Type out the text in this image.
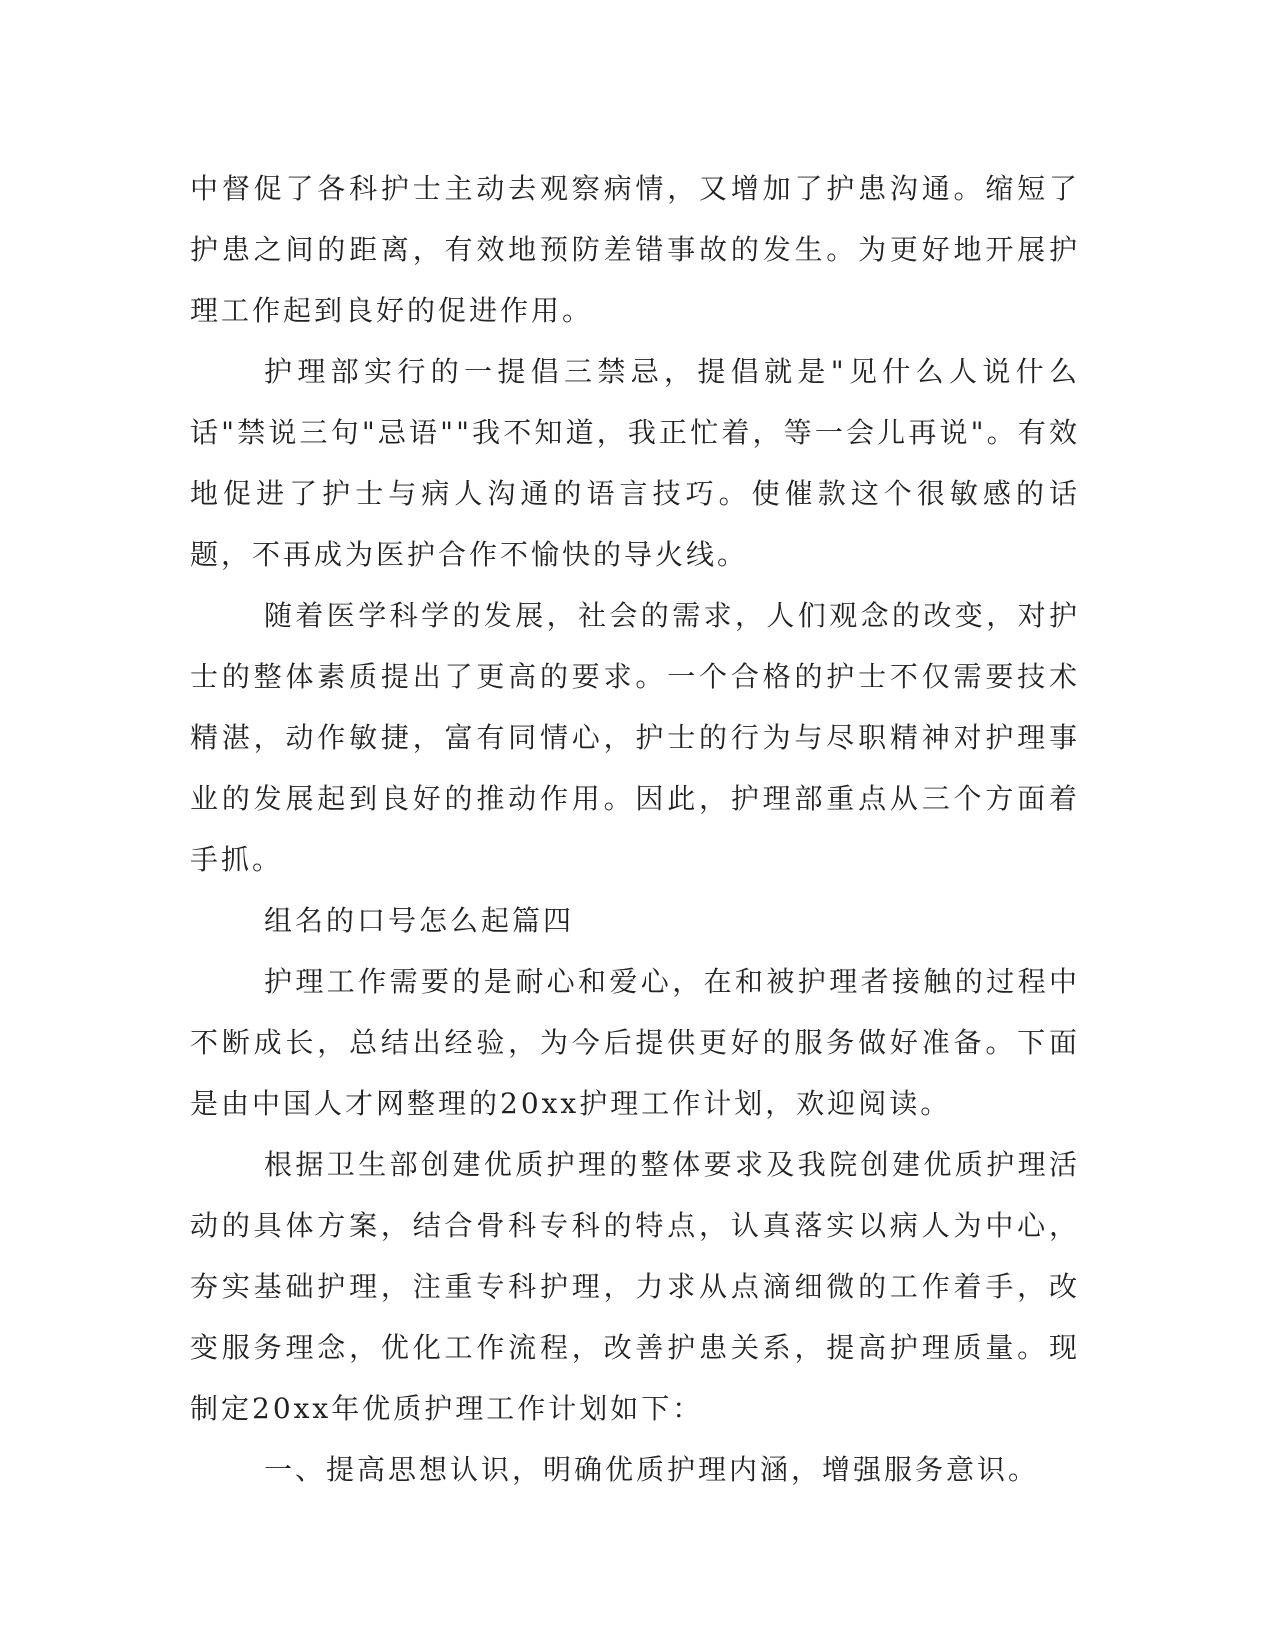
中督促了各科护士主动去观察病情，又增加了护患沟通。缩短了护患之间的距离，有效地预防差错事故的发生。为更好地开展护理工作起到良好的促进作用。

护理部实行的一提倡三禁忌，提倡就是"见什么人说什么话"禁说三句"忌语""我不知道，我正忙着，等一会儿再说"。有效地促进了护士与病人沟通的语言技巧。使催款这个很敏感的话题，不再成为医护合作不愉快的导火线。

随着医学科学的发展，社会的需求，人们观念的改变，对护士的整体素质提出了更高的要求。一个合格的护士不仅需要技术精湛，动作敏捷，富有同情心，护士的行为与尽职精神对护理事业的发展起到良好的推动作用。因此，护理部重点从三个方面着手抓。

组名的口号怎么起篇四

护理工作需要的是耐心和爱心，在和被护理者接触的过程中不断成长，总结出经验，为今后提供更好的服务做好准备。下面是由中国人才网整理的20xx护理工作计划，欢迎阅读。

根据卫生部创建优质护理的整体要求及我院创建优质护理活动的具体方案，结合骨科专科的特点，认真落实以病人为中心，夯实基础护理，注重专科护理，力求从点滴细微的工作着手，改变服务理念，优化工作流程，改善护患关系，提高护理质量。现制定20xx年优质护理工作计划如下：

一、提高思想认识，明确优质护理内涵，增强服务意识。
